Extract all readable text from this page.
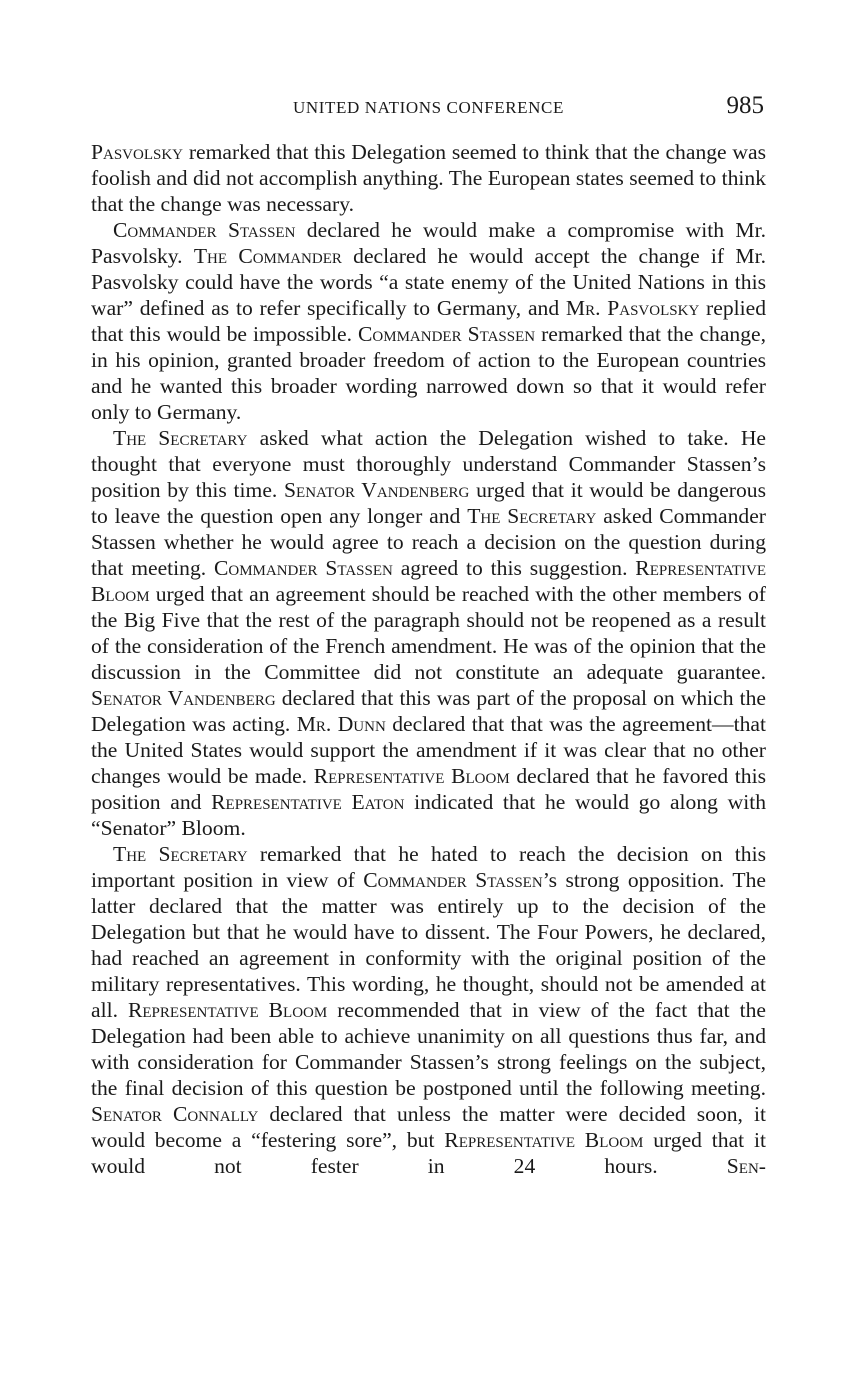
UNITED NATIONS CONFERENCE	985

Pasvolsky remarked that this Delegation seemed to think that the change was foolish and did not accomplish anything. The European states seemed to think that the change was necessary.

Commander Stassen declared he would make a compromise with Mr. Pasvolsky. The Commander declared he would accept the change if Mr. Pasvolsky could have the words “a state enemy of the United Nations in this war” defined as to refer specifically to Germany, and Mr. Pasvolsky replied that this would be impossible. Commander Stassen remarked that the change, in his opinion, granted broader freedom of action to the European countries and he wanted this broader wording narrowed down so that it would refer only to Germany.

The Secretary asked what action the Delegation wished to take. He thought that everyone must thoroughly understand Commander Stassen’s position by this time. Senator Vandenberg urged that it would be dangerous to leave the question open any longer and The Secretary asked Commander Stassen whether he would agree to reach a decision on the question during that meeting. Commander Stassen agreed to this suggestion. Representative Bloom urged that an agreement should be reached with the other members of the Big Five that the rest of the paragraph should not be reopened as a result of the consideration of the French amendment. He was of the opinion that the discussion in the Committee did not constitute an adequate guarantee. Senator Vandenberg declared that this was part of the proposal on which the Delegation was acting. Mr. Dunn declared that that was the agreement—that the United States would support the amendment if it was clear that no other changes would be made. Representative Bloom declared that he favored this position and Representative Eaton indicated that he would go along with “Senator” Bloom.

The Secretary remarked that he hated to reach the decision on this important position in view of Commander Stassen’s strong opposition. The latter declared that the matter was entirely up to the decision of the Delegation but that he would have to dissent. The Four Powers, he declared, had reached an agreement in conformity with the original position of the military representatives. This wording, he thought, should not be amended at all. Representative Bloom recommended that in view of the fact that the Delegation had been able to achieve unanimity on all questions thus far, and with consideration for Commander Stassen’s strong feelings on the subject, the final decision of this question be postponed until the following meeting. Senator Connally declared that unless the matter were decided soon, it would become a “festering sore”, but Representative Bloom urged that it would not fester in 24 hours. Sen-
